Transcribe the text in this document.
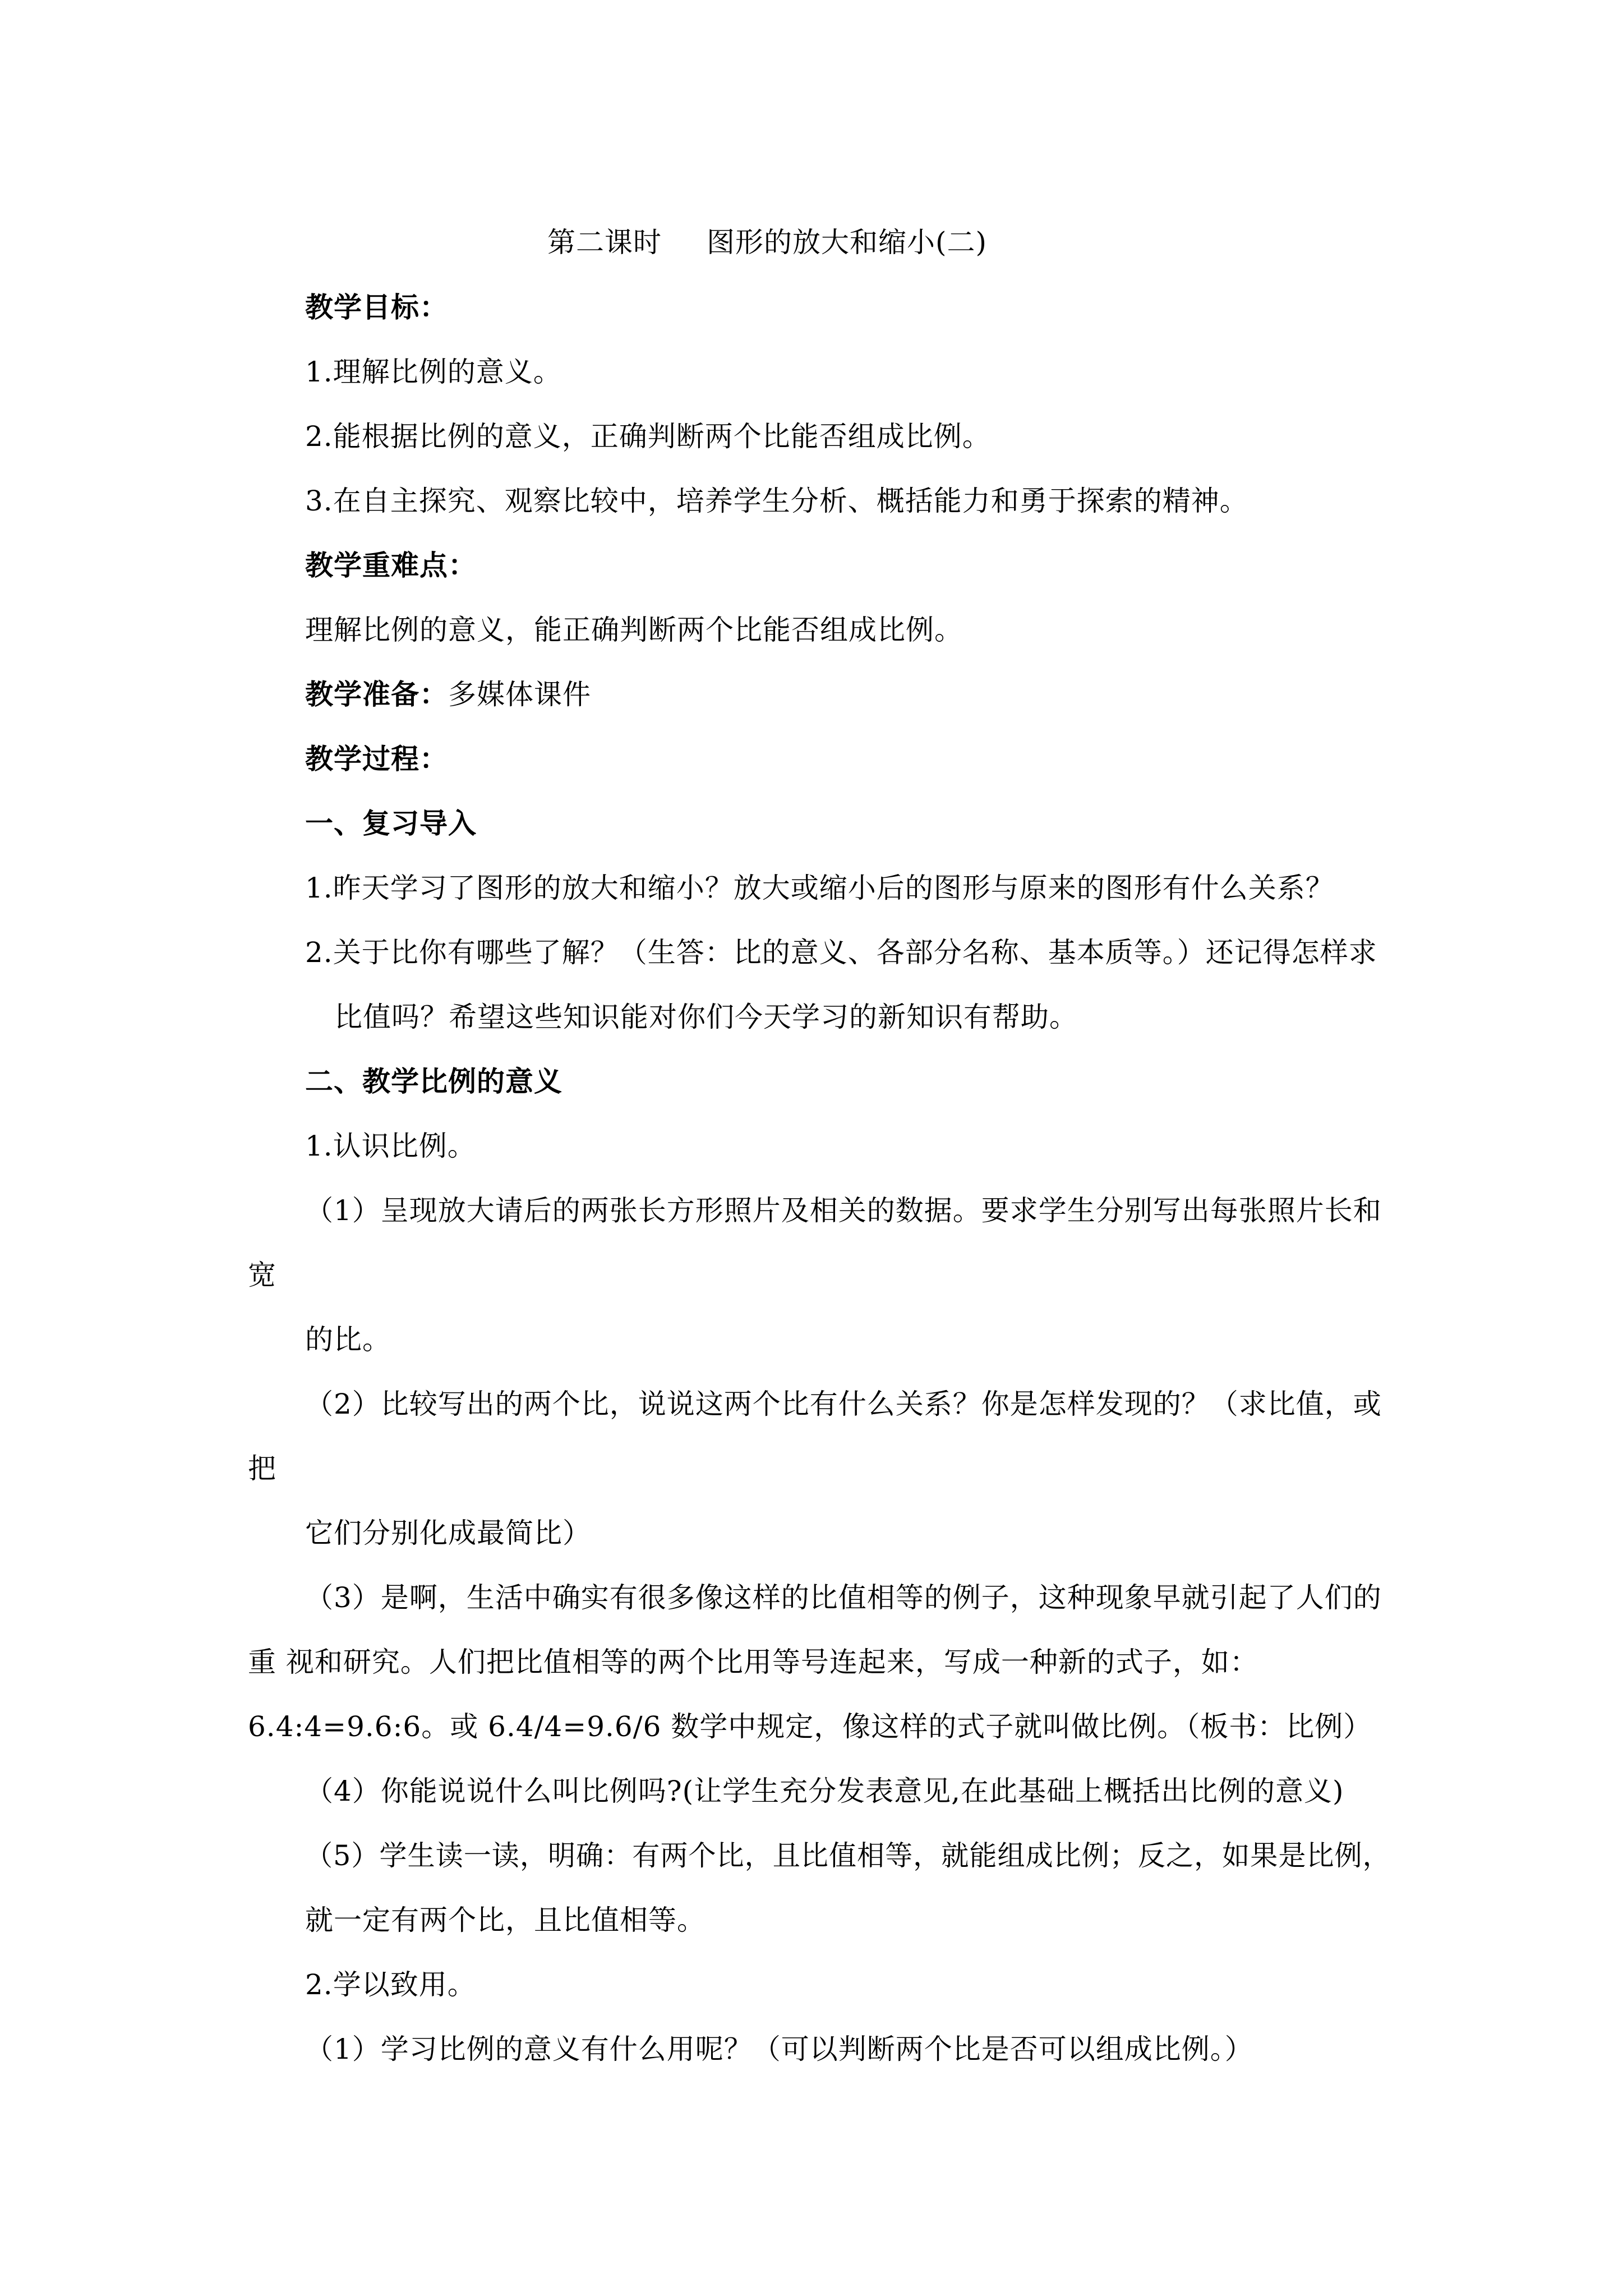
第二课时 图形的放大和缩小(二)
教学目标：
1.理解比例的意义。
2.能根据比例的意义，正确判断两个比能否组成比例。
3.在自主探究、观察比较中，培养学生分析、概括能力和勇于探索的精神。
教学重难点：
理解比例的意义，能正确判断两个比能否组成比例。
教学准备：多媒体课件
教学过程：
一、复习导入
1.昨天学习了图形的放大和缩小？放大或缩小后的图形与原来的图形有什么关系？
2.关于比你有哪些了解？（生答：比的意义、各部分名称、基本质等。）还记得怎样求
比值吗？希望这些知识能对你们今天学习的新知识有帮助。
二、教学比例的意义
1.认识比例。
（1）呈现放大请后的两张长方形照片及相关的数据。要求学生分别写出每张照片长和
宽
的比。
（2）比较写出的两个比，说说这两个比有什么关系？你是怎样发现的？（求比值，或
把
它们分别化成最简比）
（3）是啊，生活中确实有很多像这样的比值相等的例子，这种现象早就引起了人们的
重 视和研究。人们把比值相等的两个比用等号连起来，写成一种新的式子，如：
6.4:4=9.6:6。或 6.4/4=9.6/6 数学中规定，像这样的式子就叫做比例。（板书：比例）
（4）你能说说什么叫比例吗?(让学生充分发表意见,在此基础上概括出比例的意义)
（5）学生读一读，明确：有两个比，且比值相等，就能组成比例；反之，如果是比例，
就一定有两个比，且比值相等。
2.学以致用。
（1）学习比例的意义有什么用呢？（可以判断两个比是否可以组成比例。）
